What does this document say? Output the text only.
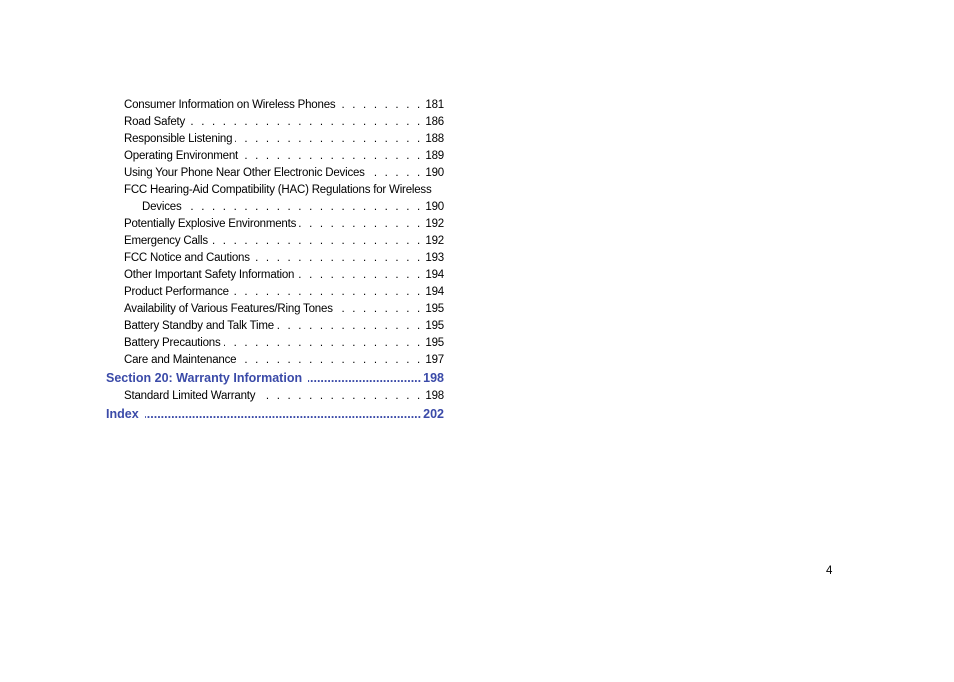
Consumer Information on Wireless Phones . . .	181
Road Safety . . .	186
Responsible Listening . . .	188
Operating Environment . . .	189
Using Your Phone Near Other Electronic Devices . . .	190
FCC Hearing-Aid Compatibility (HAC) Regulations for Wireless
Devices . . .	190
Potentially Explosive Environments . . .	192
Emergency Calls . . .	192
FCC Notice and Cautions . . .	193
Other Important Safety Information . . .	194
Product Performance . . .	194
Availability of Various Features/Ring Tones . . .	195
Battery Standby and Talk Time . . .	195
Battery Precautions . . .	195
Care and Maintenance . . .	197
Section 20: Warranty Information .....	198
Standard Limited Warranty . . .	198
Index .....	202
4
